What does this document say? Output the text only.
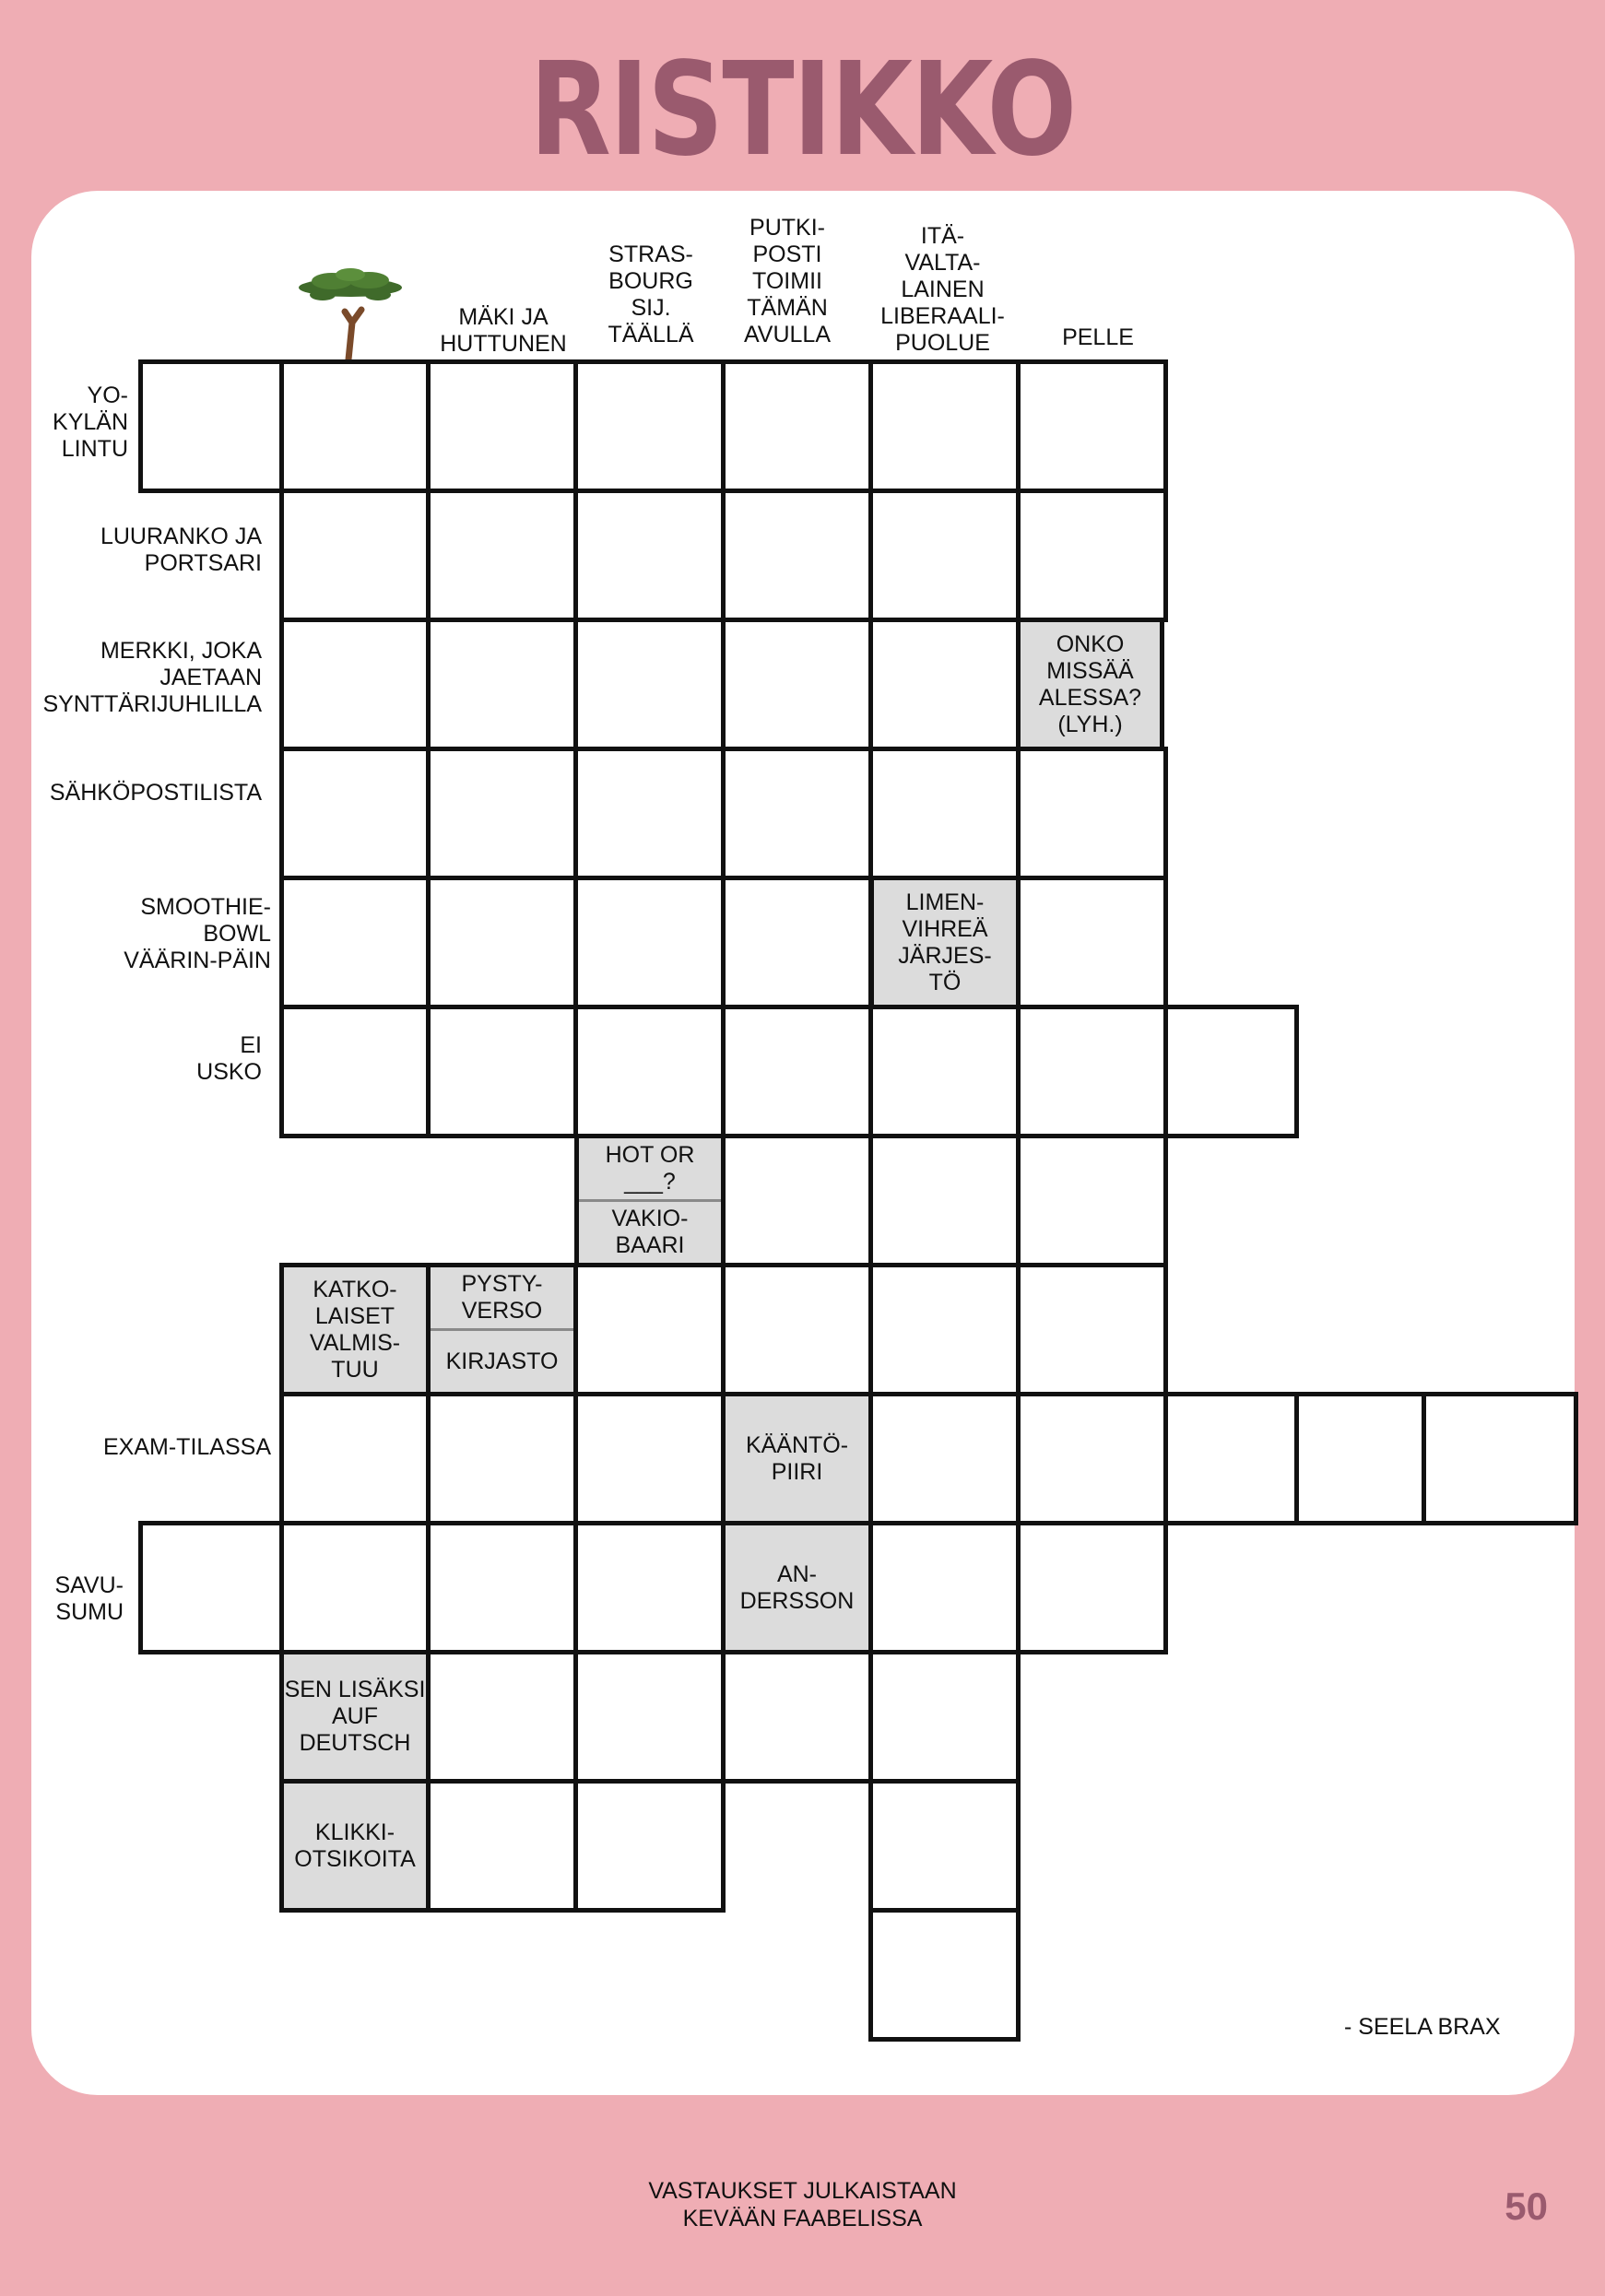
RISTIKKO
MÄKI JA
HUTTUNEN
STRAS-
BOURG
SIJ.
TÄÄLLÄ
PUTKI-
POSTI
TOIMII
TÄMÄN
AVULLA
ITÄ-
VALTA-
LAINEN
LIBERAALI-
PUOLUE	PELLE
YO-
KYLÄN
LINTU
LUURANKO JA
PORTSARI
MERKKI, JOKA
JAETAAN
SYNTTÄRIJUHLILLA
SÄHKÖPOSTILISTA
SMOOTHIE-
BOWL
VÄÄRIN-PÄIN
EI
USKO
EXAM-TILASSA
SAVU-
SUMU
ONKO
MISSÄÄ
ALESSA?
(LYH.)
LIMEN-
VIHREÄ
JÄRJES-
TÖ
HOT OR
___?
VAKIO-
BAARI
KATKO-
LAISET
VALMIS-
TUU
PYSTY-
VERSO
KIRJASTO
KÄÄNTÖ-
PIIRI
AN-
DERSSON
SEN LISÄKSI
AUF
DEUTSCH
KLIKKI-
OTSIKOITA
- SEELA BRAX
VASTAUKSET JULKAISTAAN
KEVÄÄN FAABELISSA	50
